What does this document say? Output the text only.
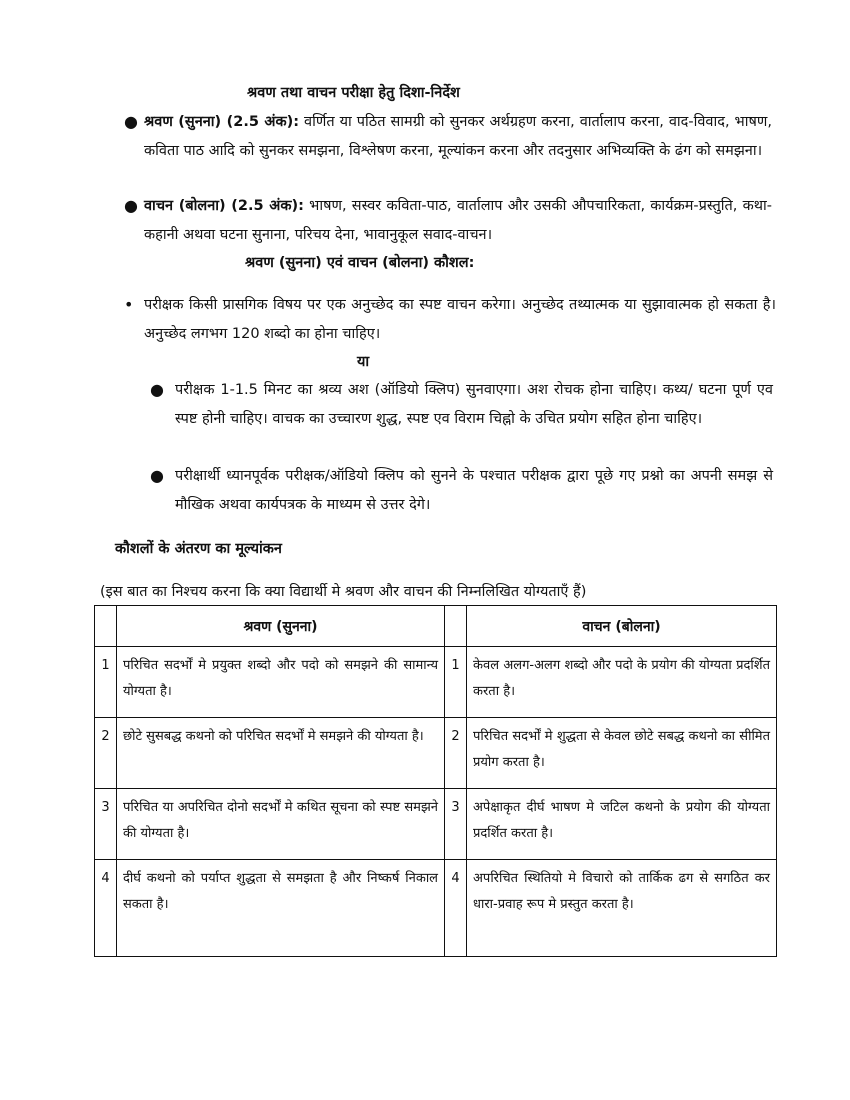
श्रवण तथा वाचन परीक्षा हेतु दिशा-निर्देश
● श्रवण (सुनना) (2.5 अंक): वर्णित या पठित सामग्री को सुनकर अर्थग्रहण करना, वार्तालाप करना, वाद-विवाद, भाषण, कविता पाठ आदि को सुनकर समझना, विश्लेषण करना, मूल्यांकन करना और तदनुसार अभिव्यक्ति के ढंग को समझना।
● वाचन (बोलना) (2.5 अंक): भाषण, सस्वर कविता-पाठ, वार्तालाप और उसकी औपचारिकता, कार्यक्रम-प्रस्तुति, कथा-कहानी अथवा घटना सुनाना, परिचय देना, भावानुकूल सवाद-वाचन।
श्रवण (सुनना) एवं वाचन (बोलना) कौशल:
• परीक्षक किसी प्रासगिक विषय पर एक अनुच्छेद का स्पष्ट वाचन करेगा। अनुच्छेद तथ्यात्मक या सुझावात्मक हो सकता है। अनुच्छेद लगभग 120 शब्दो का होना चाहिए।
या
● परीक्षक 1-1.5 मिनट का श्रव्य अश (ऑडियो क्लिप) सुनवाएगा। अश रोचक होना चाहिए। कथ्य/ घटना पूर्ण एव स्पष्ट होनी चाहिए। वाचक का उच्चारण शुद्ध, स्पष्ट एव विराम चिह्नो के उचित प्रयोग सहित होना चाहिए।
● परीक्षार्थी ध्यानपूर्वक परीक्षक/ऑडियो क्लिप को सुनने के पश्चात परीक्षक द्वारा पूछे गए प्रश्नो का अपनी समझ से मौखिक अथवा कार्यपत्रक के माध्यम से उत्तर देगे।
कौशलों के अंतरण का मूल्यांकन
(इस बात का निश्चय करना कि क्या विद्यार्थी मे श्रवण और वाचन की निम्नलिखित योग्यताएँ हैं)
	श्रवण (सुनना)		वाचन (बोलना)
1	परिचित सदर्भों मे प्रयुक्त शब्दो और पदो को समझने की सामान्य योग्यता है।	1	केवल अलग-अलग शब्दो और पदो के प्रयोग की योग्यता प्रदर्शित करता है।
2	छोटे सुसबद्ध कथनो को परिचित सदर्भों मे समझने की योग्यता है।	2	परिचित सदर्भों मे शुद्धता से केवल छोटे सबद्ध कथनो का सीमित प्रयोग करता है।
3	परिचित या अपरिचित दोनो सदर्भों मे कथित सूचना को स्पष्ट समझने की योग्यता है।	3	अपेक्षाकृत दीर्घ भाषण मे जटिल कथनो के प्रयोग की योग्यता प्रदर्शित करता है।
4	दीर्घ कथनो को पर्याप्त शुद्धता से समझता है और निष्कर्ष निकाल सकता है।	4	अपरिचित स्थितियो मे विचारो को तार्किक ढग से सगठित कर धारा-प्रवाह रूप मे प्रस्तुत करता है।
